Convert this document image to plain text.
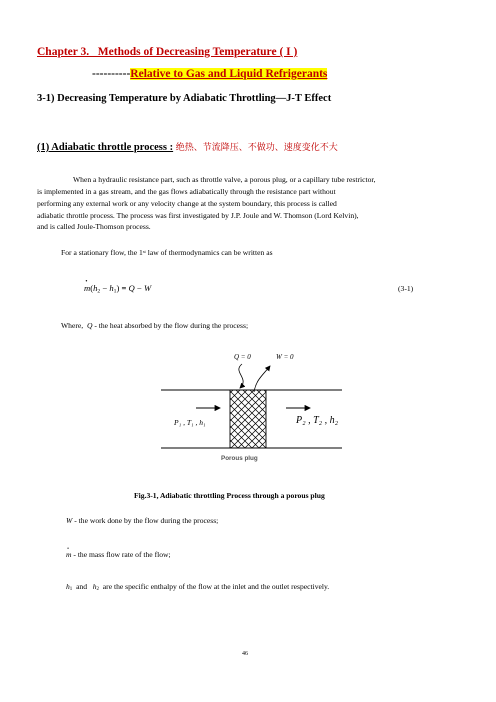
Chapter 3.   Methods of Decreasing Temperature ( I )
----------Relative to Gas and Liquid Refrigerants
3-1) Decreasing Temperature by Adiabatic Throttling—J-T Effect
(1) Adiabatic throttle process : 绝热、节流降压、不做功、速度变化不大
When a hydraulic resistance part, such as throttle valve, a porous plug, or a capillary tube restrictor,
is implemented in a gas stream, and the gas flows adiabatically through the resistance part without
performing any external work or any velocity change at the system boundary, this process is called
adiabatic throttle process. The process was first investigated by J.P. Joule and W. Thomson (Lord Kelvin),
and is called Joule-Thomson process.
For a stationary flow, the 1st law of thermodynamics can be written as
• $m(h_2 - h_1) = Q - W$	(3-1)
Where, Q - the heat absorbed by the flow during the process;
Q = 0	W = 0
P₁ , T₁ , h₁	P₂ , T₂ , h₂
Porous plug
Fig.3-1, Adiabatic throttling Process through a porous plug
W - the work done by the flow during the process;
• m - the mass flow rate of the flow;
$h_1$ and $h_2$ are the specific enthalpy of the flow at the inlet and the outlet respectively.
46
